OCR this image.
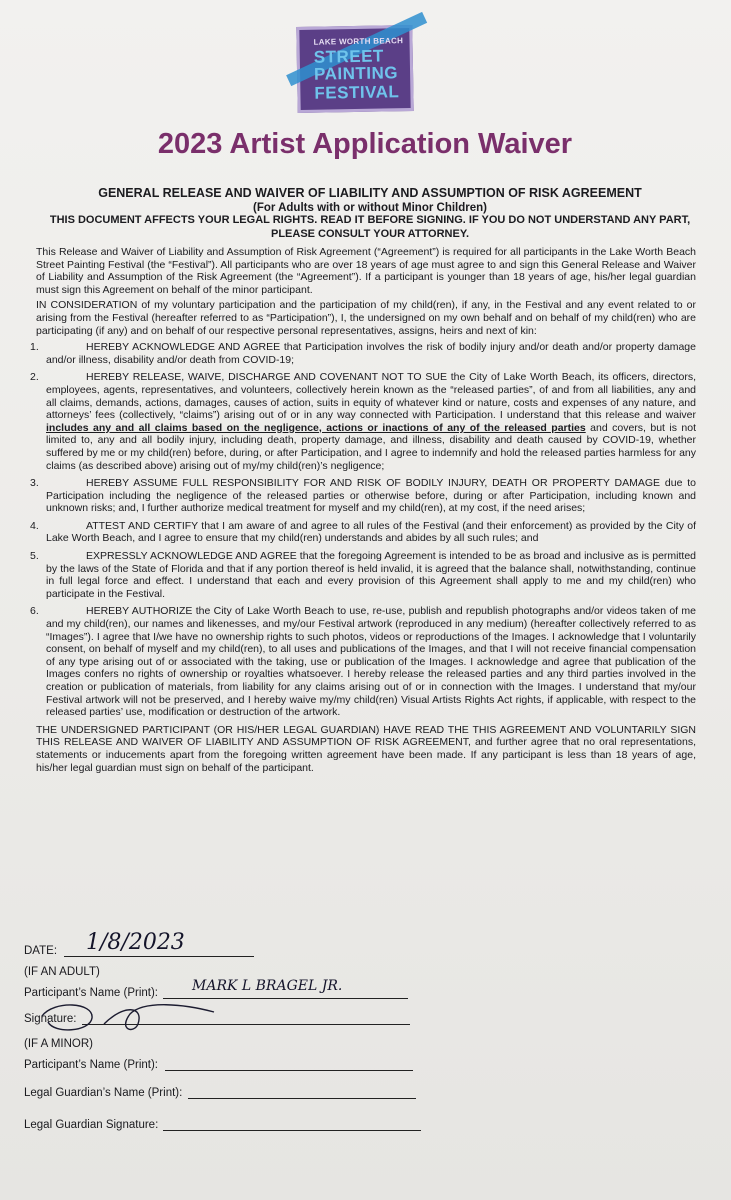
LAKE WORTH BEACH
STREET
PAINTING
FESTIVAL
2023 Artist Application Waiver
GENERAL RELEASE AND WAIVER OF LIABILITY AND ASSUMPTION OF RISK AGREEMENT
(For Adults with or without Minor Children)
THIS DOCUMENT AFFECTS YOUR LEGAL RIGHTS. READ IT BEFORE SIGNING. IF YOU DO NOT UNDERSTAND ANY PART, PLEASE CONSULT YOUR ATTORNEY.

This Release and Waiver of Liability and Assumption of Risk Agreement (“Agreement”) is required for all participants in the Lake Worth Beach Street Painting Festival (the “Festival”). All participants who are over 18 years of age must agree to and sign this General Release and Waiver of Liability and Assumption of the Risk Agreement (the “Agreement”). If a participant is younger than 18 years of age, his/her legal guardian must sign this Agreement on behalf of the minor participant.

IN CONSIDERATION of my voluntary participation and the participation of my child(ren), if any, in the Festival and any event related to or arising from the Festival (hereafter referred to as “Participation”), I, the undersigned on my own behalf and on behalf of my child(ren) who are participating (if any) and on behalf of our respective personal representatives, assigns, heirs and next of kin:

1.	HEREBY ACKNOWLEDGE AND AGREE that Participation involves the risk of bodily injury and/or death and/or property damage and/or illness, disability and/or death from COVID-19;
2.	HEREBY RELEASE, WAIVE, DISCHARGE AND COVENANT NOT TO SUE the City of Lake Worth Beach, its officers, directors, employees, agents, representatives, and volunteers, collectively herein known as the “released parties”, of and from all liabilities, any and all claims, demands, actions, damages, causes of action, suits in equity of whatever kind or nature, costs and expenses of any nature, and attorneys’ fees (collectively, “claims”) arising out of or in any way connected with Participation. I understand that this release and waiver includes any and all claims based on the negligence, actions or inactions of any of the released parties and covers, but is not limited to, any and all bodily injury, including death, property damage, and illness, disability and death caused by COVID-19, whether suffered by me or my child(ren) before, during, or after Participation, and I agree to indemnify and hold the released parties harmless for any claims (as described above) arising out of my/my child(ren)’s negligence;
3.	HEREBY ASSUME FULL RESPONSIBILITY FOR AND RISK OF BODILY INJURY, DEATH OR PROPERTY DAMAGE due to Participation including the negligence of the released parties or otherwise before, during or after Participation, including known and unknown risks; and, I further authorize medical treatment for myself and my child(ren), at my cost, if the need arises;
4.	ATTEST AND CERTIFY that I am aware of and agree to all rules of the Festival (and their enforcement) as provided by the City of Lake Worth Beach, and I agree to ensure that my child(ren) understands and abides by all such rules; and
5.	EXPRESSLY ACKNOWLEDGE AND AGREE that the foregoing Agreement is intended to be as broad and inclusive as is permitted by the laws of the State of Florida and that if any portion thereof is held invalid, it is agreed that the balance shall, notwithstanding, continue in full legal force and effect. I understand that each and every provision of this Agreement shall apply to me and my child(ren) who participate in the Festival.
6.	HEREBY AUTHORIZE the City of Lake Worth Beach to use, re-use, publish and republish photographs and/or videos taken of me and my child(ren), our names and likenesses, and my/our Festival artwork (reproduced in any medium) (hereafter collectively referred to as “Images”). I agree that I/we have no ownership rights to such photos, videos or reproductions of the Images. I acknowledge that I voluntarily consent, on behalf of myself and my child(ren), to all uses and publications of the Images, and that I will not receive financial compensation of any type arising out of or associated with the taking, use or publication of the Images. I acknowledge and agree that publication of the Images confers no rights of ownership or royalties whatsoever. I hereby release the released parties and any third parties involved in the creation or publication of materials, from liability for any claims arising out of or in connection with the Images. I understand that my/our Festival artwork will not be preserved, and I hereby waive my/my child(ren) Visual Artists Rights Act rights, if applicable, with respect to the released parties’ use, modification or destruction of the artwork.

THE UNDERSIGNED PARTICIPANT (OR HIS/HER LEGAL GUARDIAN) HAVE READ THE THIS AGREEMENT AND VOLUNTARILY SIGN THIS RELEASE AND WAIVER OF LIABILITY AND ASSUMPTION OF RISK AGREEMENT, and further agree that no oral representations, statements or inducements apart from the foregoing written agreement have been made. If any participant is less than 18 years of age, his/her legal guardian must sign on behalf of the participant.

DATE:	1/8/2023
(IF AN ADULT)
Participant’s Name (Print):	MARK L BRAGEL JR.
Signature:
(IF A MINOR)
Participant’s Name (Print):
Legal Guardian’s Name (Print):
Legal Guardian Signature:
